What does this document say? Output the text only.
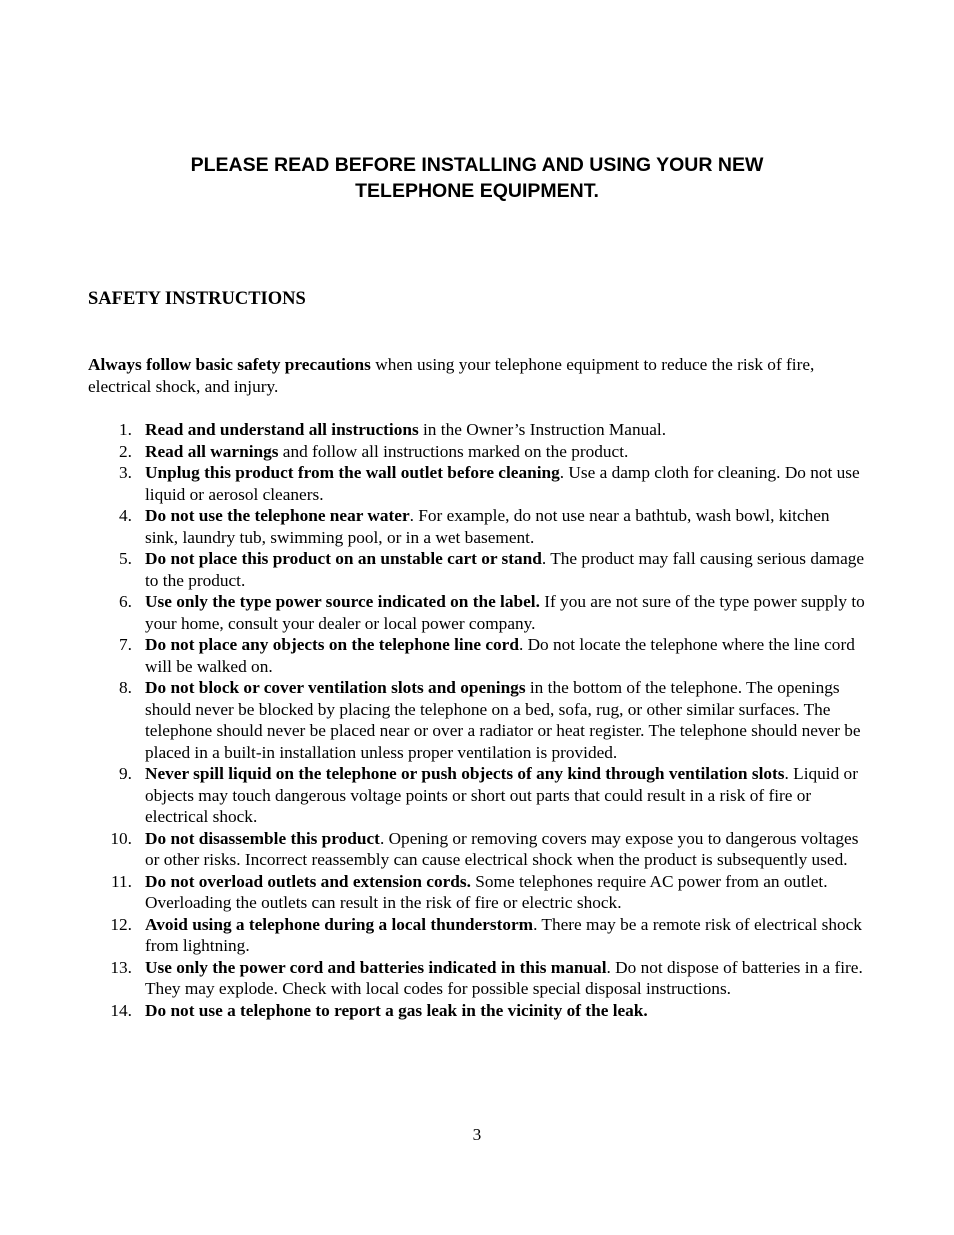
PLEASE READ BEFORE INSTALLING AND USING YOUR NEW
TELEPHONE EQUIPMENT.
SAFETY INSTRUCTIONS

Always follow basic safety precautions when using your telephone equipment to reduce the risk of fire, electrical shock, and injury.

1. Read and understand all instructions in the Owner’s Instruction Manual.
2. Read all warnings and follow all instructions marked on the product.
3. Unplug this product from the wall outlet before cleaning. Use a damp cloth for cleaning. Do not use liquid or aerosol cleaners.
4. Do not use the telephone near water. For example, do not use near a bathtub, wash bowl, kitchen sink, laundry tub, swimming pool, or in a wet basement.
5. Do not place this product on an unstable cart or stand. The product may fall causing serious damage to the product.
6. Use only the type power source indicated on the label. If you are not sure of the type power supply to your home, consult your dealer or local power company.
7. Do not place any objects on the telephone line cord. Do not locate the telephone where the line cord will be walked on.
8. Do not block or cover ventilation slots and openings in the bottom of the telephone. The openings should never be blocked by placing the telephone on a bed, sofa, rug, or other similar surfaces. The telephone should never be placed near or over a radiator or heat register. The telephone should never be placed in a built-in installation unless proper ventilation is provided.
9. Never spill liquid on the telephone or push objects of any kind through ventilation slots. Liquid or objects may touch dangerous voltage points or short out parts that could result in a risk of fire or electrical shock.
10. Do not disassemble this product. Opening or removing covers may expose you to dangerous voltages or other risks. Incorrect reassembly can cause electrical shock when the product is subsequently used.
11. Do not overload outlets and extension cords. Some telephones require AC power from an outlet. Overloading the outlets can result in the risk of fire or electric shock.
12. Avoid using a telephone during a local thunderstorm. There may be a remote risk of electrical shock from lightning.
13. Use only the power cord and batteries indicated in this manual. Do not dispose of batteries in a fire. They may explode. Check with local codes for possible special disposal instructions.
14. Do not use a telephone to report a gas leak in the vicinity of the leak.
3
